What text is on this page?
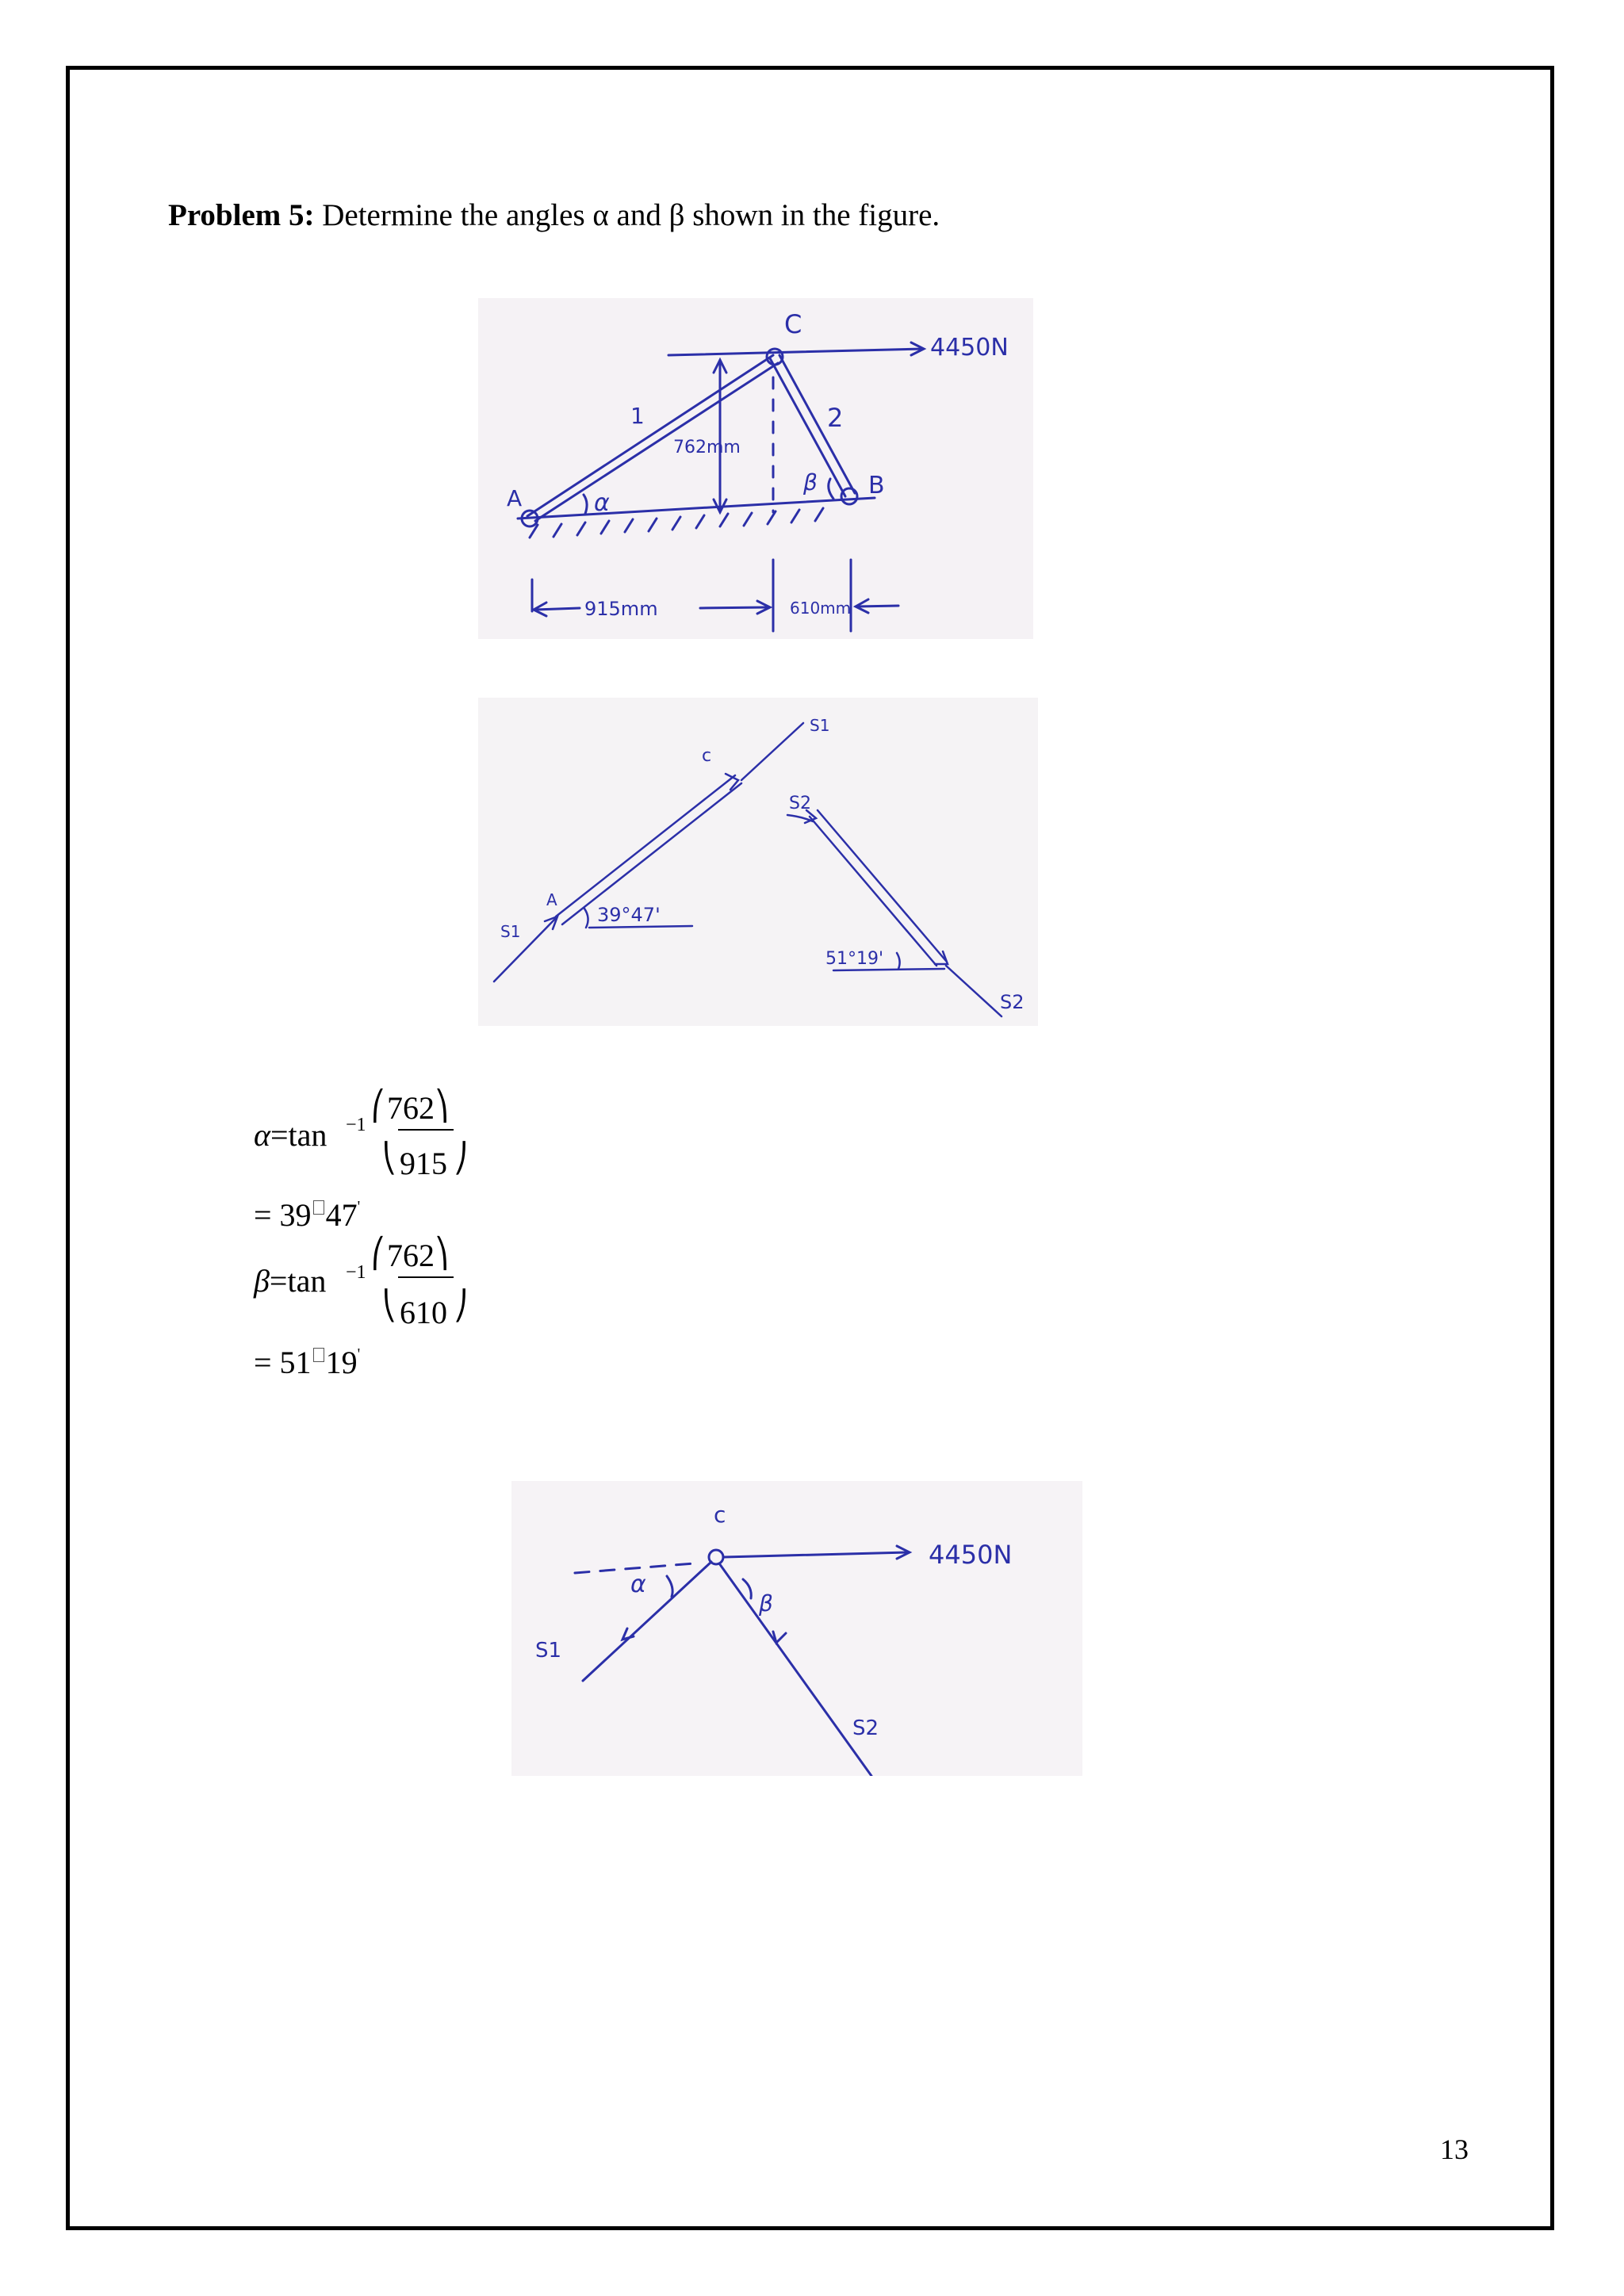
Problem 5: Determine the angles α and β shown in the figure.
C
A	B
1	2
4450N
762mm
α
β
915mm	610mm
c
A
S1
S1
S2
S2
39°47'
51°19'
α=tan −1
⎛ 762 ⎞
⎝ 915 ⎠
= 39 47'
β=tan −1
⎛ 762 ⎞
⎝ 610 ⎠
= 51 19'
c
4450N
α
β
S1
S2
13
